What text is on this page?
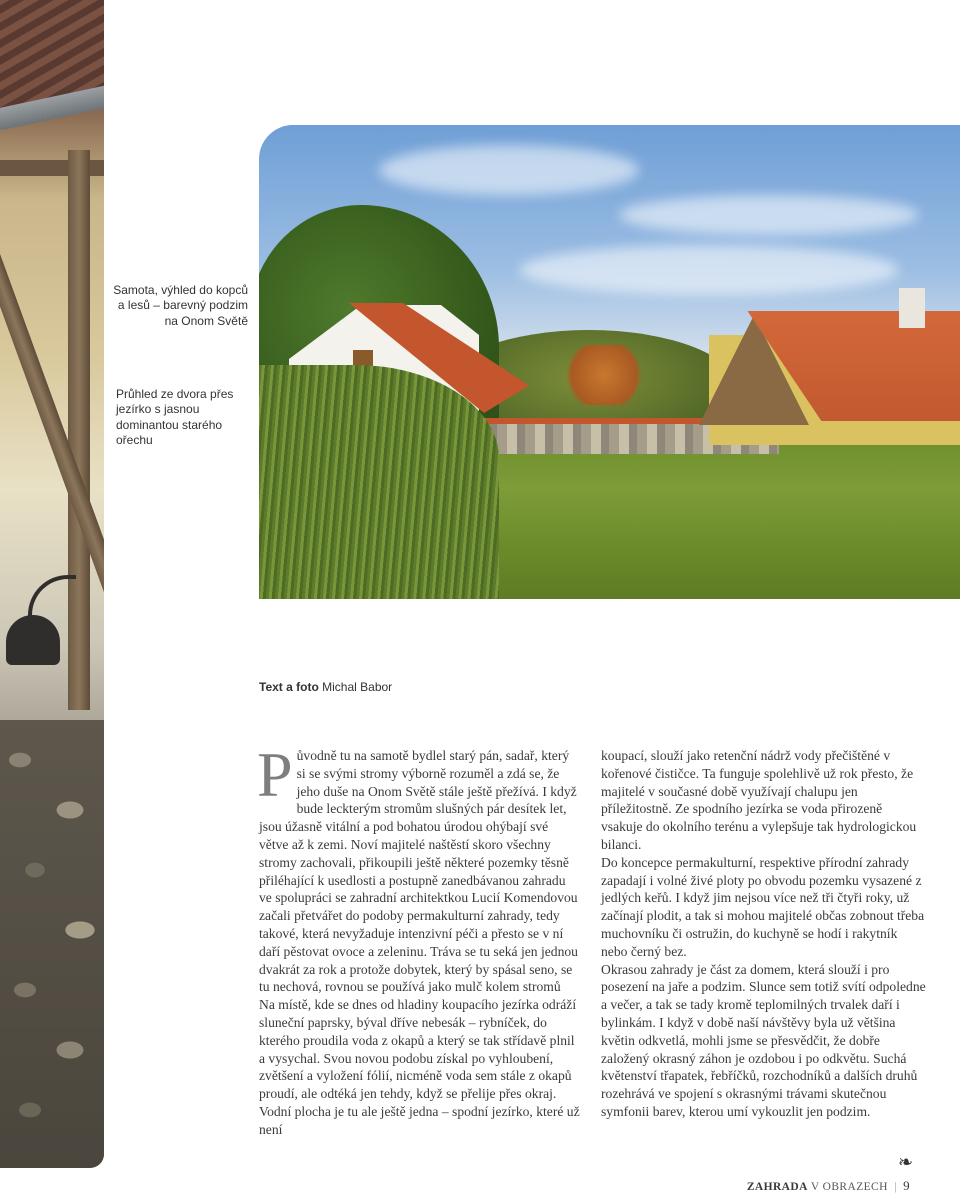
Samota, výhled do kopců
a lesů – barevný podzim
na Onom Světě
Průhled ze dvora přes
jezírko s jasnou
dominantou starého
ořechu
Text a foto Michal Babor

Původně tu na samotě bydlel starý pán, sadař, který si se svými stromy výborně rozuměl a zdá se, že jeho duše na Onom Světě stále ještě přežívá. I když bude leckterým stromům slušných pár desítek let, jsou úžasně vitální a pod bohatou úrodou ohýbají své větve až k zemi. Noví majitelé naštěstí skoro všechny stromy zachovali, přikoupili ještě některé pozemky těsně přiléhající k usedlosti a postupně zanedbávanou zahradu ve spolupráci se zahradní architektkou Lucií Komendovou začali přetvářet do podoby permakulturní zahrady, tedy takové, která nevyžaduje intenzivní péči a přesto se v ní daří pěstovat ovoce a zeleninu. Tráva se tu seká jen jednou dvakrát za rok a protože dobytek, který by spásal seno, se tu nechová, rovnou se používá jako mulč kolem stromů

Na místě, kde se dnes od hladiny koupacího jezírka odráží sluneční paprsky, býval dříve nebesák – rybníček, do kterého proudila voda z okapů a který se tak střídavě plnil a vysychal. Svou novou podobu získal po vyhloubení, zvětšení a vyložení fólií, nicméně voda sem stále z okapů proudí, ale odtéká jen tehdy, když se přelije přes okraj. Vodní plocha je tu ale ještě jedna – spodní jezírko, které už není

koupací, slouží jako retenční nádrž vody přečištěné v kořenové čističce. Ta funguje spolehlivě už rok přesto, že majitelé v současné době využívají chalupu jen příležitostně. Ze spodního jezírka se voda přirozeně vsakuje do okolního terénu a vylepšuje tak hydrologickou bilanci.

Do koncepce permakulturní, respektive přírodní zahrady zapadají i volné živé ploty po obvodu pozemku vysazené z jedlých keřů. I když jim nejsou více než tři čtyři roky, už začínají plodit, a tak si mohou majitelé občas zobnout třeba muchovníku či ostružin, do kuchyně se hodí i rakytník nebo černý bez.

Okrasou zahrady je část za domem, která slouží i pro posezení na jaře a podzim. Slunce sem totiž svítí odpoledne a večer, a tak se tady kromě teplomilných trvalek daří i bylinkám. I když v době naší návštěvy byla už většina květin odkvetlá, mohli jsme se přesvědčit, že dobře založený okrasný záhon je ozdobou i po odkvětu. Suchá květenství třapatek, řebříčků, rozchodníků a dalších druhů rozehrává ve spojení s okrasnými trávami skutečnou symfonii barev, kterou umí vykouzlit jen podzim.

❧
ZAHRADA V OBRAZECH | 9
